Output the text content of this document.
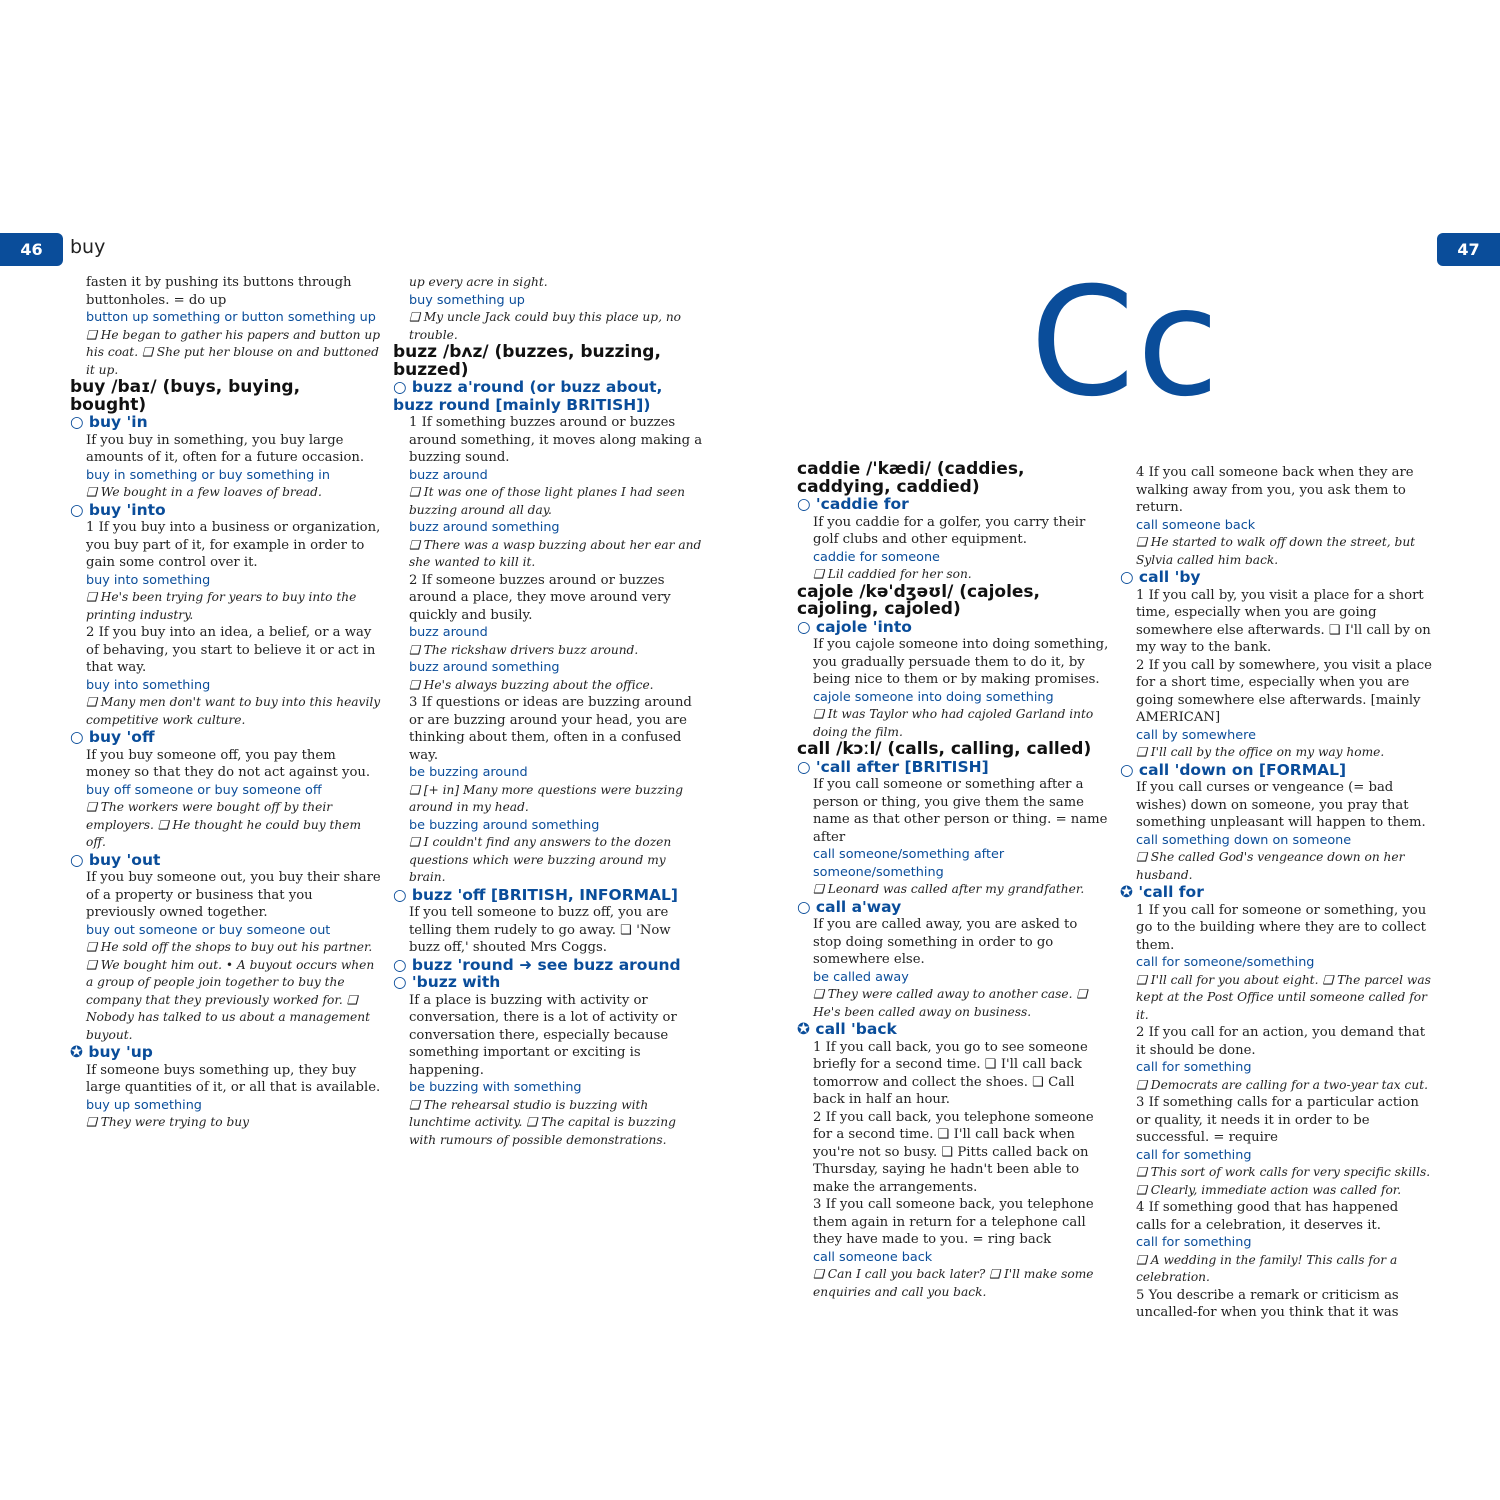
46	buy	47
Cc
fasten it by pushing its buttons through buttonholes. = do up
button up something or button something up
❑ He began to gather his papers and button up his coat. ❑ She put her blouse on and buttoned it up.
buy /baɪ/ (buys, buying, bought)
○ buy 'in
If you buy in something, you buy large amounts of it, often for a future occasion.
buy in something or buy something in
❑ We bought in a few loaves of bread.
○ buy 'into
1 If you buy into a business or organization, you buy part of it, for example in order to gain some control over it.
buy into something
❑ He's been trying for years to buy into the printing industry.
2 If you buy into an idea, a belief, or a way of behaving, you start to believe it or act in that way.
buy into something
❑ Many men don't want to buy into this heavily competitive work culture.
○ buy 'off
If you buy someone off, you pay them money so that they do not act against you.
buy off someone or buy someone off
❑ The workers were bought off by their employers. ❑ He thought he could buy them off.
○ buy 'out
If you buy someone out, you buy their share of a property or business that you previously owned together.
buy out someone or buy someone out
❑ He sold off the shops to buy out his partner. ❑ We bought him out. • A buyout occurs when a group of people join together to buy the company that they previously worked for. ❑ Nobody has talked to us about a management buyout.
✪ buy 'up
If someone buys something up, they buy large quantities of it, or all that is available.
buy up something
❑ They were trying to buy
up every acre in sight.
buy something up
❑ My uncle Jack could buy this place up, no trouble.
buzz /bʌz/ (buzzes, buzzing, buzzed)
○ buzz a'round (or buzz about, buzz round [mainly BRITISH])
1 If something buzzes around or buzzes around something, it moves along making a buzzing sound.
buzz around
❑ It was one of those light planes I had seen buzzing around all day.
buzz around something
❑ There was a wasp buzzing about her ear and she wanted to kill it.
2 If someone buzzes around or buzzes around a place, they move around very quickly and busily.
buzz around
❑ The rickshaw drivers buzz around.
buzz around something
❑ He's always buzzing about the office.
3 If questions or ideas are buzzing around or are buzzing around your head, you are thinking about them, often in a confused way.
be buzzing around
❑ [+ in] Many more questions were buzzing around in my head.
be buzzing around something
❑ I couldn't find any answers to the dozen questions which were buzzing around my brain.
○ buzz 'off [BRITISH, INFORMAL]
If you tell someone to buzz off, you are telling them rudely to go away. ❑ 'Now buzz off,' shouted Mrs Coggs.
○ buzz 'round ➜ see buzz around
○ 'buzz with
If a place is buzzing with activity or conversation, there is a lot of activity or conversation there, especially because something important or exciting is happening.
be buzzing with something
❑ The rehearsal studio is buzzing with lunchtime activity. ❑ The capital is buzzing with rumours of possible demonstrations.
caddie /'kædi/ (caddies, caddying, caddied)
○ 'caddie for
If you caddie for a golfer, you carry their golf clubs and other equipment.
caddie for someone
❑ Lil caddied for her son.
cajole /kə'dʒəʊl/ (cajoles, cajoling, cajoled)
○ cajole 'into
If you cajole someone into doing something, you gradually persuade them to do it, by being nice to them or by making promises.
cajole someone into doing something
❑ It was Taylor who had cajoled Garland into doing the film.
call /kɔːl/ (calls, calling, called)
○ 'call after [BRITISH]
If you call someone or something after a person or thing, you give them the same name as that other person or thing. = name after
call someone/something after someone/something
❑ Leonard was called after my grandfather.
○ call a'way
If you are called away, you are asked to stop doing something in order to go somewhere else.
be called away
❑ They were called away to another case. ❑ He's been called away on business.
✪ call 'back
1 If you call back, you go to see someone briefly for a second time. ❑ I'll call back tomorrow and collect the shoes. ❑ Call back in half an hour.
2 If you call back, you telephone someone for a second time. ❑ I'll call back when you're not so busy. ❑ Pitts called back on Thursday, saying he hadn't been able to make the arrangements.
3 If you call someone back, you telephone them again in return for a telephone call they have made to you. = ring back
call someone back
❑ Can I call you back later? ❑ I'll make some enquiries and call you back.
4 If you call someone back when they are walking away from you, you ask them to return.
call someone back
❑ He started to walk off down the street, but Sylvia called him back.
○ call 'by
1 If you call by, you visit a place for a short time, especially when you are going somewhere else afterwards. ❑ I'll call by on my way to the bank.
2 If you call by somewhere, you visit a place for a short time, especially when you are going somewhere else afterwards. [mainly AMERICAN]
call by somewhere
❑ I'll call by the office on my way home.
○ call 'down on [FORMAL]
If you call curses or vengeance (= bad wishes) down on someone, you pray that something unpleasant will happen to them.
call something down on someone
❑ She called God's vengeance down on her husband.
✪ 'call for
1 If you call for someone or something, you go to the building where they are to collect them.
call for someone/something
❑ I'll call for you about eight. ❑ The parcel was kept at the Post Office until someone called for it.
2 If you call for an action, you demand that it should be done.
call for something
❑ Democrats are calling for a two-year tax cut.
3 If something calls for a particular action or quality, it needs it in order to be successful. = require
call for something
❑ This sort of work calls for very specific skills. ❑ Clearly, immediate action was called for.
4 If something good that has happened calls for a celebration, it deserves it.
call for something
❑ A wedding in the family! This calls for a celebration.
5 You describe a remark or criticism as uncalled-for when you think that it was
